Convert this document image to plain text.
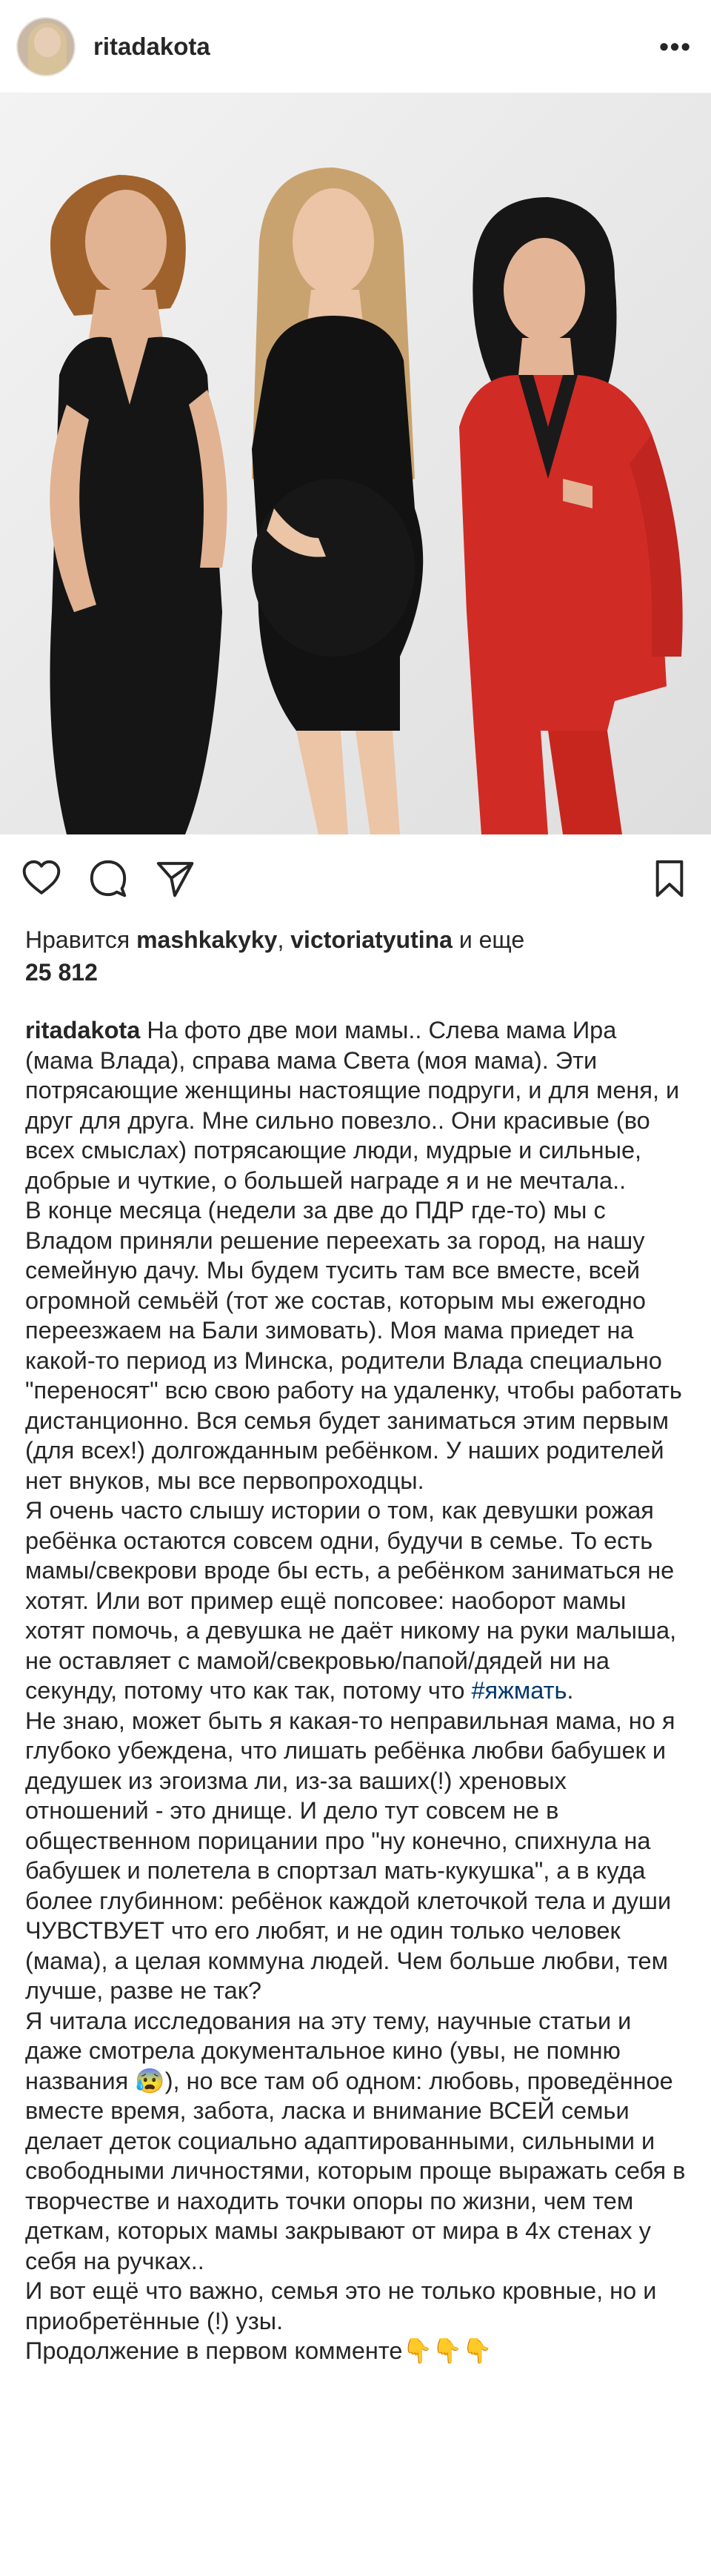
ritadakota	•••
Нравится mashkakyky, victoriatyutina и еще
25 812
ritadakota На фото две мои мамы.. Слева мама Ира (мама Влада), справа мама Света (моя мама). Эти потрясающие женщины настоящие подруги, и для меня, и друг для друга. Мне сильно повезло.. Они красивые (во всех смыслах) потрясающие люди, мудрые и сильные, добрые и чуткие, о большей награде я и не мечтала..
В конце месяца (недели за две до ПДР где-то) мы с Владом приняли решение переехать за город, на нашу семейную дачу. Мы будем тусить там все вместе, всей огромной семьёй (тот же состав, которым мы ежегодно переезжаем на Бали зимовать). Моя мама приедет на какой-то период из Минска, родители Влада специально "переносят" всю свою работу на удаленку, чтобы работать дистанционно. Вся семья будет заниматься этим первым (для всех!) долгожданным ребёнком. У наших родителей нет внуков, мы все первопроходцы.
Я очень часто слышу истории о том, как девушки рожая ребёнка остаются совсем одни, будучи в семье. То есть мамы/свекрови вроде бы есть, а ребёнком заниматься не хотят. Или вот пример ещё попсовее: наоборот мамы хотят помочь, а девушка не даёт никому на руки малыша, не оставляет с мамой/свекровью/папой/дядей ни на секунду, потому что как так, потому что #яжмать.
Не знаю, может быть я какая-то неправильная мама, но я глубоко убеждена, что лишать ребёнка любви бабушек и дедушек из эгоизма ли, из-за ваших(!) хреновых отношений - это днище. И дело тут совсем не в общественном порицании про "ну конечно, спихнула на бабушек и полетела в спортзал мать-кукушка", а в куда более глубинном: ребёнок каждой клеточкой тела и души ЧУВСТВУЕТ что его любят, и не один только человек (мама), а целая коммуна людей. Чем больше любви, тем лучше, разве не так?
Я читала исследования на эту тему, научные статьи и даже смотрела документальное кино (увы, не помню названия 😰), но все там об одном: любовь, проведённое вместе время, забота, ласка и внимание ВСЕЙ семьи делает деток социально адаптированными, сильными и свободными личностями, которым проще выражать себя в творчестве и находить точки опоры по жизни, чем тем деткам, которых мамы закрывают от мира в 4х стенах у себя на ручках..
И вот ещё что важно, семья это не только кровные, но и приобретённые (!) узы.
Продолжение в первом комменте👇👇👇
